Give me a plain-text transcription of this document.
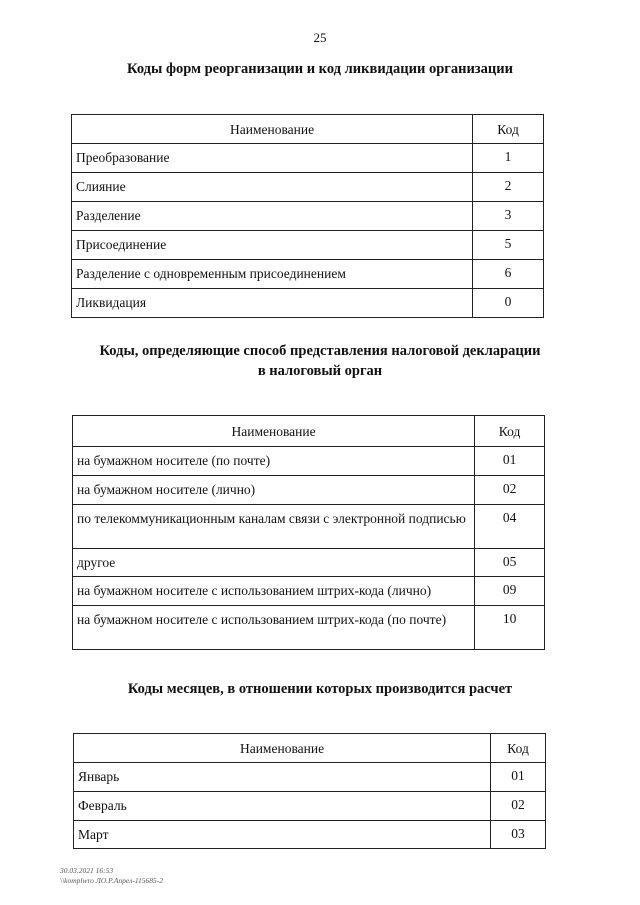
25
Коды форм реорганизации и код ликвидации организации
Наименование	Код
Преобразование	1
Слияние	2
Разделение	3
Присоединение	5
Разделение с одновременным присоединением	6
Ликвидация	0
Коды, определяющие способ представления налоговой декларации
в налоговый орган
Наименование	Код
на бумажном носителе (по почте)	01
на бумажном носителе (лично)	02
по телекоммуникационным каналам связи с электронной подписью	04
другое	05
на бумажном носителе с использованием штрих-кода (лично)	09
на бумажном носителе с использованием штрих-кода (по почте)	10
Коды месяцев, в отношении которых производится расчет
Наименование	Код
Январь	01
Февраль	02
Март	03
30.03.2021 16:53
\\komplwro ЛО.Р.Апрел-115685-2
